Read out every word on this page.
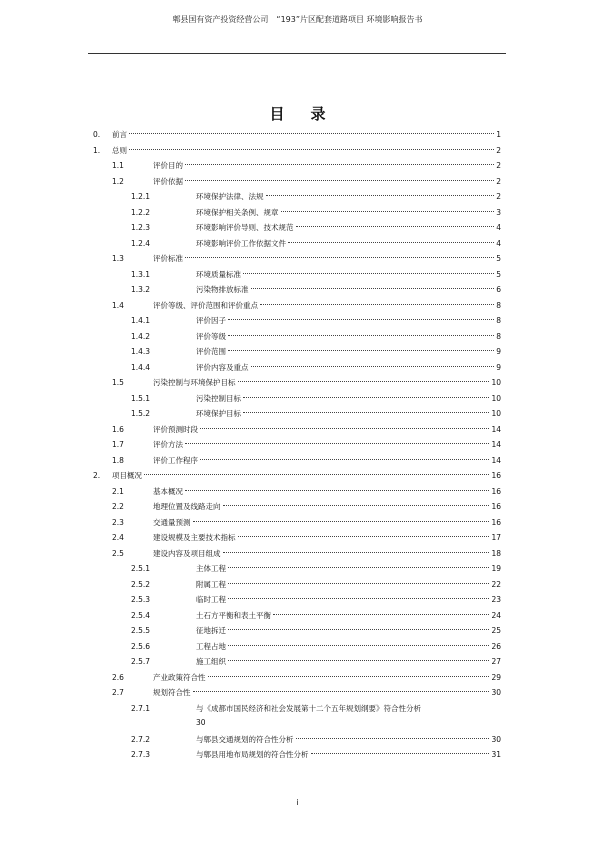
郫县国有资产投资经营公司　“193”片区配套道路项目 环境影响报告书
目录
0. 前言	1
1. 总则	2
1.1	评价目的	2
1.2	评价依据	2
1.2.1	环境保护法律、法规	2
1.2.2	环境保护相关条例、规章	3
1.2.3	环境影响评价导则、技术规范	4
1.2.4	环境影响评价工作依据文件	4
1.3	评价标准	5
1.3.1	环境质量标准	5
1.3.2	污染物排放标准	6
1.4	评价等级、评价范围和评价重点	8
1.4.1	评价因子	8
1.4.2	评价等级	8
1.4.3	评价范围	9
1.4.4	评价内容及重点	9
1.5	污染控制与环境保护目标	10
1.5.1	污染控制目标	10
1.5.2	环境保护目标	10
1.6	评价预测时段	14
1.7	评价方法	14
1.8	评价工作程序	14
2. 项目概况	16
2.1	基本概况	16
2.2	地理位置及线路走向	16
2.3	交通量预测	16
2.4	建设规模及主要技术指标	17
2.5	建设内容及项目组成	18
2.5.1	主体工程	19
2.5.2	附属工程	22
2.5.3	临时工程	23
2.5.4	土石方平衡和表土平衡	24
2.5.5	征地拆迁	25
2.5.6	工程占地	26
2.5.7	施工组织	27
2.6	产业政策符合性	29
2.7	规划符合性	30
2.7.1	与《成都市国民经济和社会发展第十二个五年规划纲要》符合性分析
30
2.7.2	与郫县交通规划的符合性分析	30
2.7.3	与郫县用地布局规划的符合性分析	31
i
